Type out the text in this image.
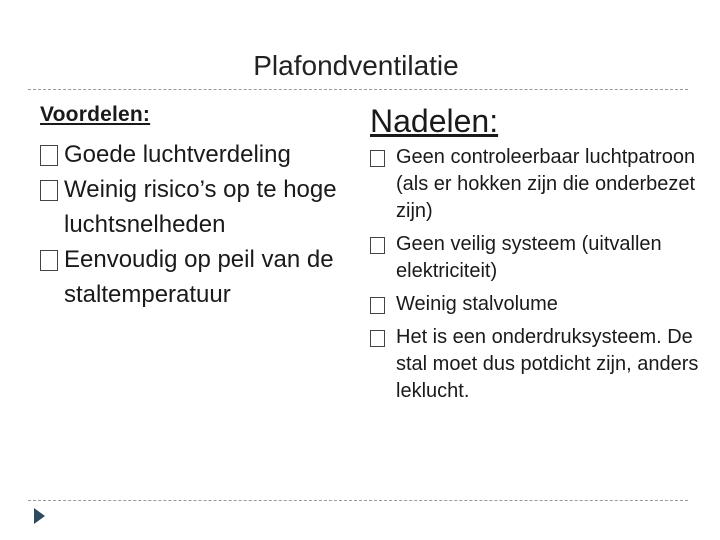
Plafondventilatie
Voordelen:
Goede luchtverdeling
Weinig risico’s op te hoge luchtsnelheden
Eenvoudig op peil van de staltemperatuur
Nadelen:
Geen controleerbaar luchtpatroon (als er hokken zijn die onderbezet zijn)
Geen veilig systeem (uitvallen elektriciteit)
Weinig stalvolume
Het is een onderdruksysteem. De stal moet dus potdicht zijn, anders leklucht.
